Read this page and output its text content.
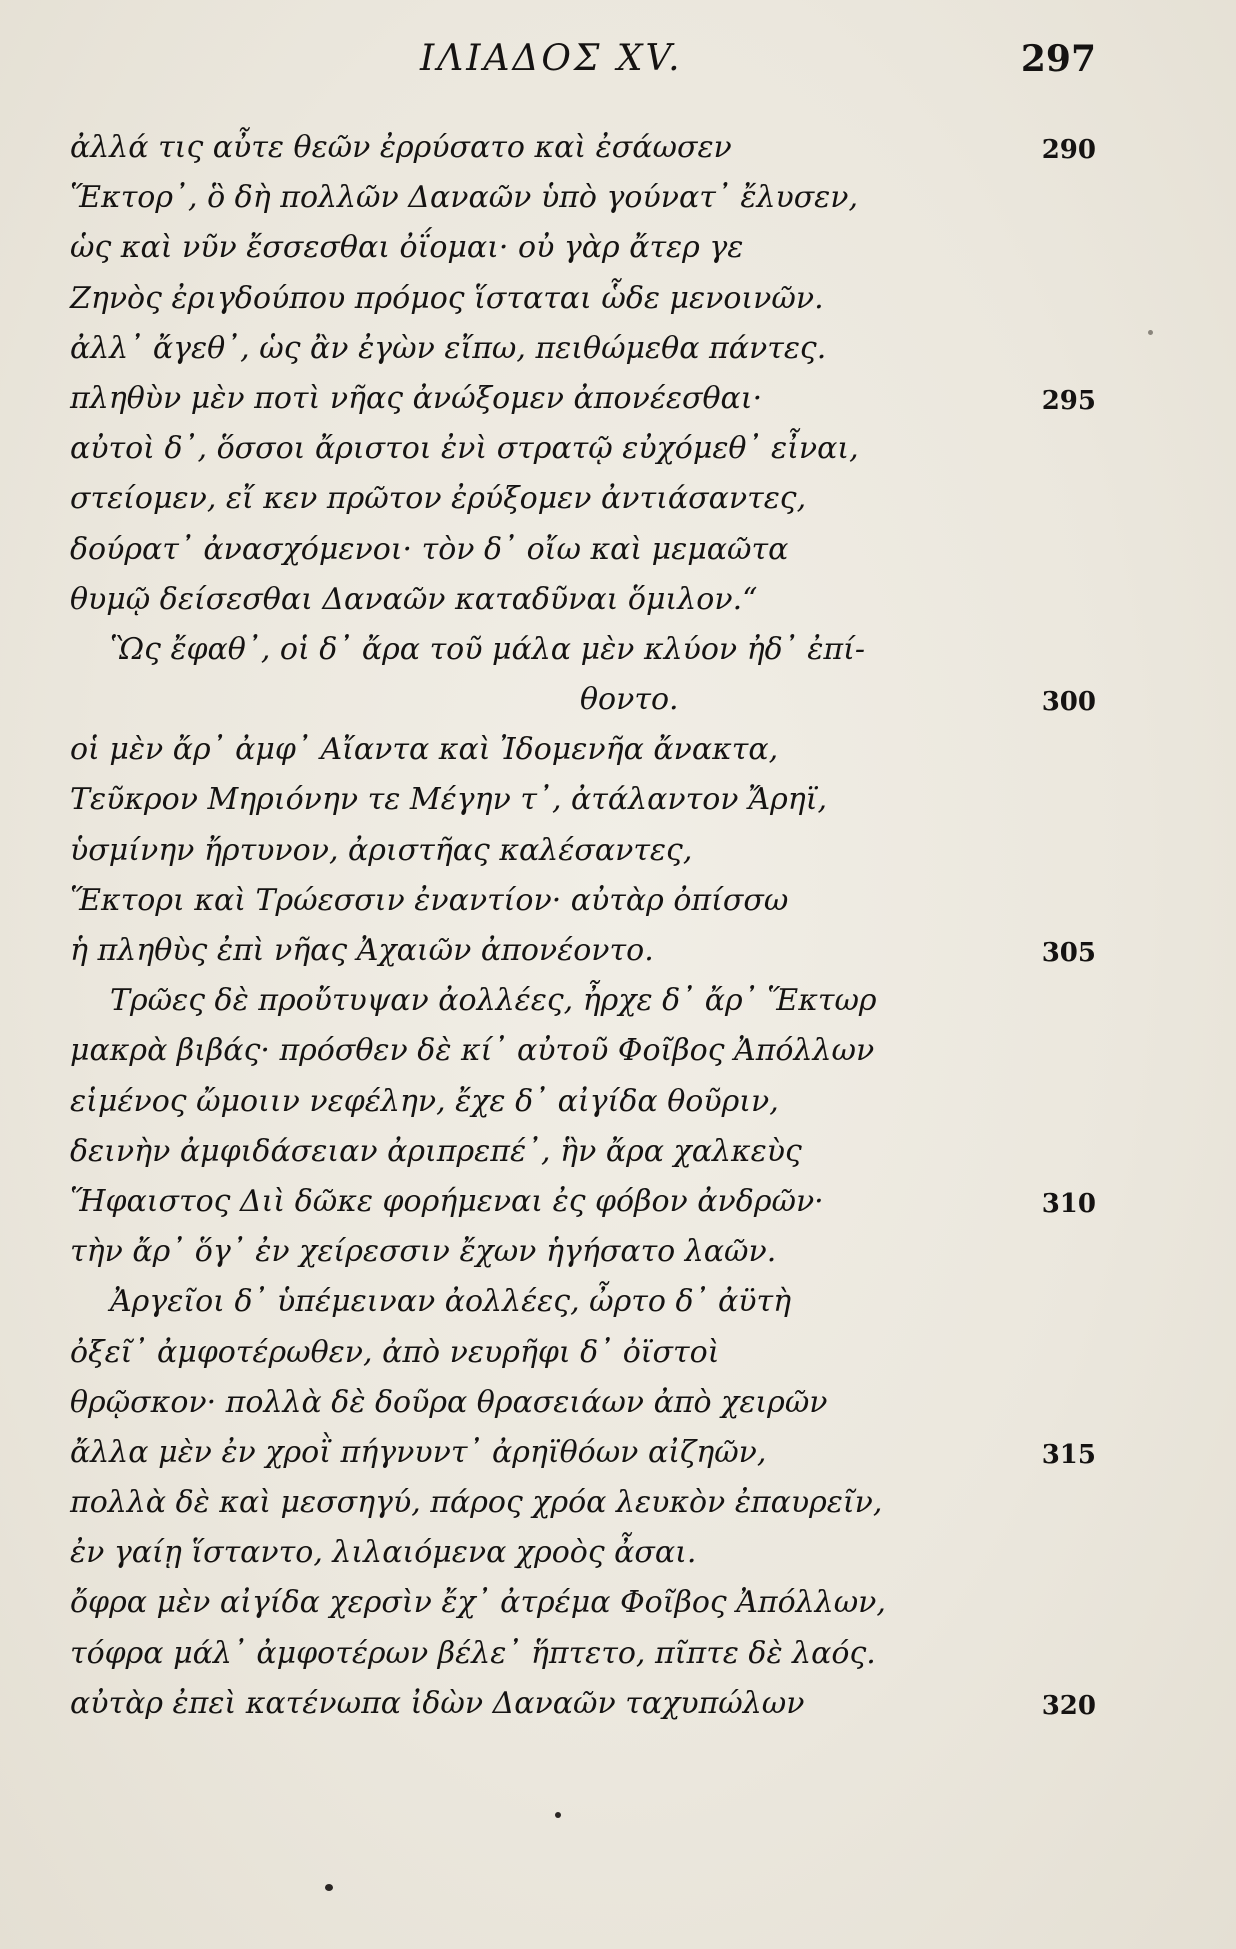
ΙΛΙΑΔΟΣ XV.	297
ἀλλά τις αὖτε θεῶν ἐρρύσατο καὶ ἐσάωσεν	290
Ἕκτορ᾽, ὃ δὴ πολλῶν Δαναῶν ὑπὸ γούνατ᾽ ἔλυσεν,
ὡς καὶ νῦν ἔσσεσθαι ὀΐομαι· οὐ γὰρ ἄτερ γε
Ζηνὸς ἐριγδούπου πρόμος ἵσταται ὧδε μενοινῶν.
ἀλλ᾽ ἄγεθ᾽, ὡς ἂν ἐγὼν εἴπω, πειθώμεθα πάντες.
πληθὺν μὲν ποτὶ νῆας ἀνώξομεν ἀπονέεσθαι·	295
αὐτοὶ δ᾽, ὅσσοι ἄριστοι ἐνὶ στρατῷ εὐχόμεθ᾽ εἶναι,
στείομεν, εἴ κεν πρῶτον ἐρύξομεν ἀντιάσαντες,
δούρατ᾽ ἀνασχόμενοι· τὸν δ᾽ οἴω καὶ μεμαῶτα
θυμῷ δείσεσθαι Δαναῶν καταδῦναι ὅμιλον.“
Ὣς ἔφαθ᾽, οἱ δ᾽ ἄρα τοῦ μάλα μὲν κλύον ἠδ᾽ ἐπί-
θοντο.	300
οἱ μὲν ἄρ᾽ ἀμφ᾽ Αἴαντα καὶ Ἰδομενῆα ἄνακτα,
Τεῦκρον Μηριόνην τε Μέγην τ᾽, ἀτάλαντον Ἄρηϊ,
ὑσμίνην ἤρτυνον, ἀριστῆας καλέσαντες,
Ἕκτορι καὶ Τρώεσσιν ἐναντίον· αὐτὰρ ὀπίσσω
ἡ πληθὺς ἐπὶ νῆας Ἀχαιῶν ἀπονέοντο.	305
Τρῶες δὲ προὔτυψαν ἀολλέες, ἦρχε δ᾽ ἄρ᾽ Ἕκτωρ
μακρὰ βιβάς· πρόσθεν δὲ κί᾽ αὐτοῦ Φοῖβος Ἀπόλλων
εἱμένος ὤμοιιν νεφέλην, ἔχε δ᾽ αἰγίδα θοῦριν,
δεινὴν ἀμφιδάσειαν ἀριπρεπέ᾽, ἣν ἄρα χαλκεὺς
Ἥφαιστος Διὶ δῶκε φορήμεναι ἐς φόβον ἀνδρῶν·	310
τὴν ἄρ᾽ ὅγ᾽ ἐν χείρεσσιν ἔχων ἡγήσατο λαῶν.
Ἀργεῖοι δ᾽ ὑπέμειναν ἀολλέες, ὦρτο δ᾽ ἀϋτὴ
ὀξεῖ᾽ ἀμφοτέρωθεν, ἀπὸ νευρῆφι δ᾽ ὀϊστοὶ
θρῷσκον· πολλὰ δὲ δοῦρα θρασειάων ἀπὸ χειρῶν
ἄλλα μὲν ἐν χροῒ πήγνυντ᾽ ἀρηϊθόων αἰζηῶν,	315
πολλὰ δὲ καὶ μεσσηγύ, πάρος χρόα λευκὸν ἐπαυρεῖν,
ἐν γαίῃ ἵσταντο, λιλαιόμενα χροὸς ἆσαι.
ὄφρα μὲν αἰγίδα χερσὶν ἔχ᾽ ἀτρέμα Φοῖβος Ἀπόλλων,
τόφρα μάλ᾽ ἀμφοτέρων βέλε᾽ ἥπτετο, πῖπτε δὲ λαός.
αὐτὰρ ἐπεὶ κατένωπα ἰδὼν Δαναῶν ταχυπώλων	320
